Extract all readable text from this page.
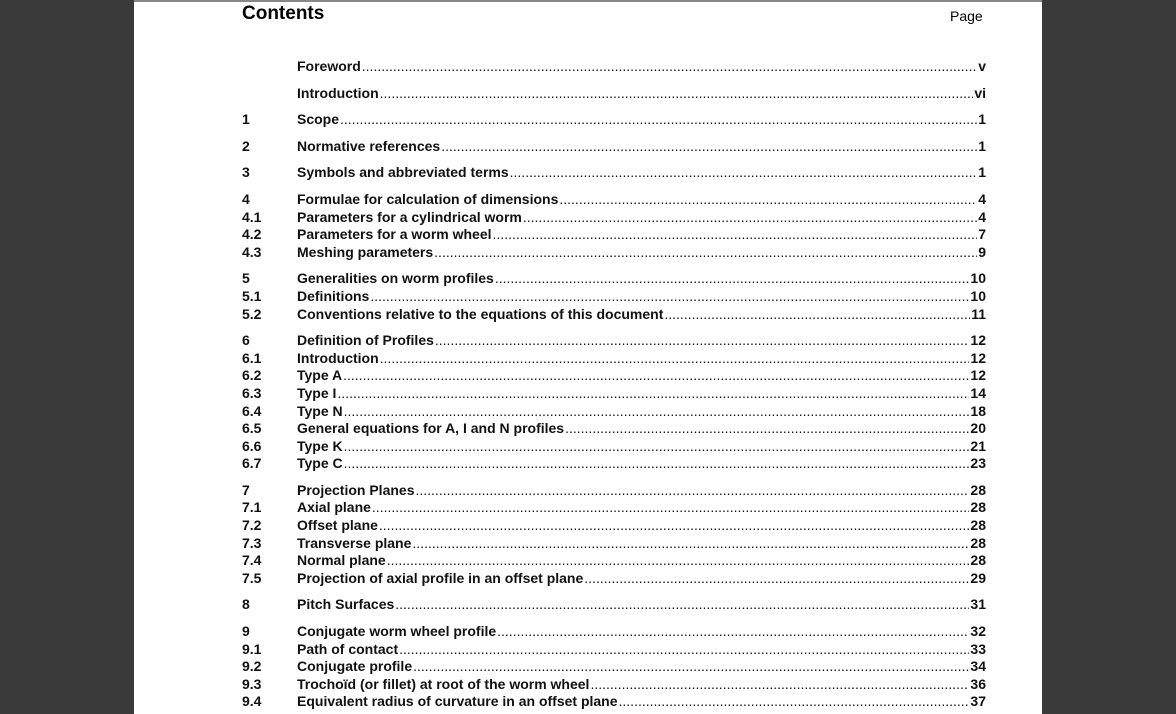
Contents	Page
Foreword .....	v
Introduction .....	vi
1	Scope .....	1
2	Normative references .....	1
3	Symbols and abbreviated terms .....	1
4	Formulae for calculation of dimensions .....	4
4.1	Parameters for a cylindrical worm .....	4
4.2	Parameters for a worm wheel .....	7
4.3	Meshing parameters .....	9
5	Generalities on worm profiles .....	10
5.1	Definitions .....	10
5.2	Conventions relative to the equations of this document .....	11
6	Definition of Profiles .....	12
6.1	Introduction .....	12
6.2	Type A .....	12
6.3	Type I .....	14
6.4	Type N .....	18
6.5	General equations for A, I and N profiles .....	20
6.6	Type K .....	21
6.7	Type C .....	23
7	Projection Planes .....	28
7.1	Axial plane .....	28
7.2	Offset plane .....	28
7.3	Transverse plane .....	28
7.4	Normal plane .....	28
7.5	Projection of axial profile in an offset plane .....	29
8	Pitch Surfaces .....	31
9	Conjugate worm wheel profile .....	32
9.1	Path of contact .....	33
9.2	Conjugate profile .....	34
9.3	Trochoïd (or fillet) at root of the worm wheel .....	36
9.4	Equivalent radius of curvature in an offset plane .....	37
